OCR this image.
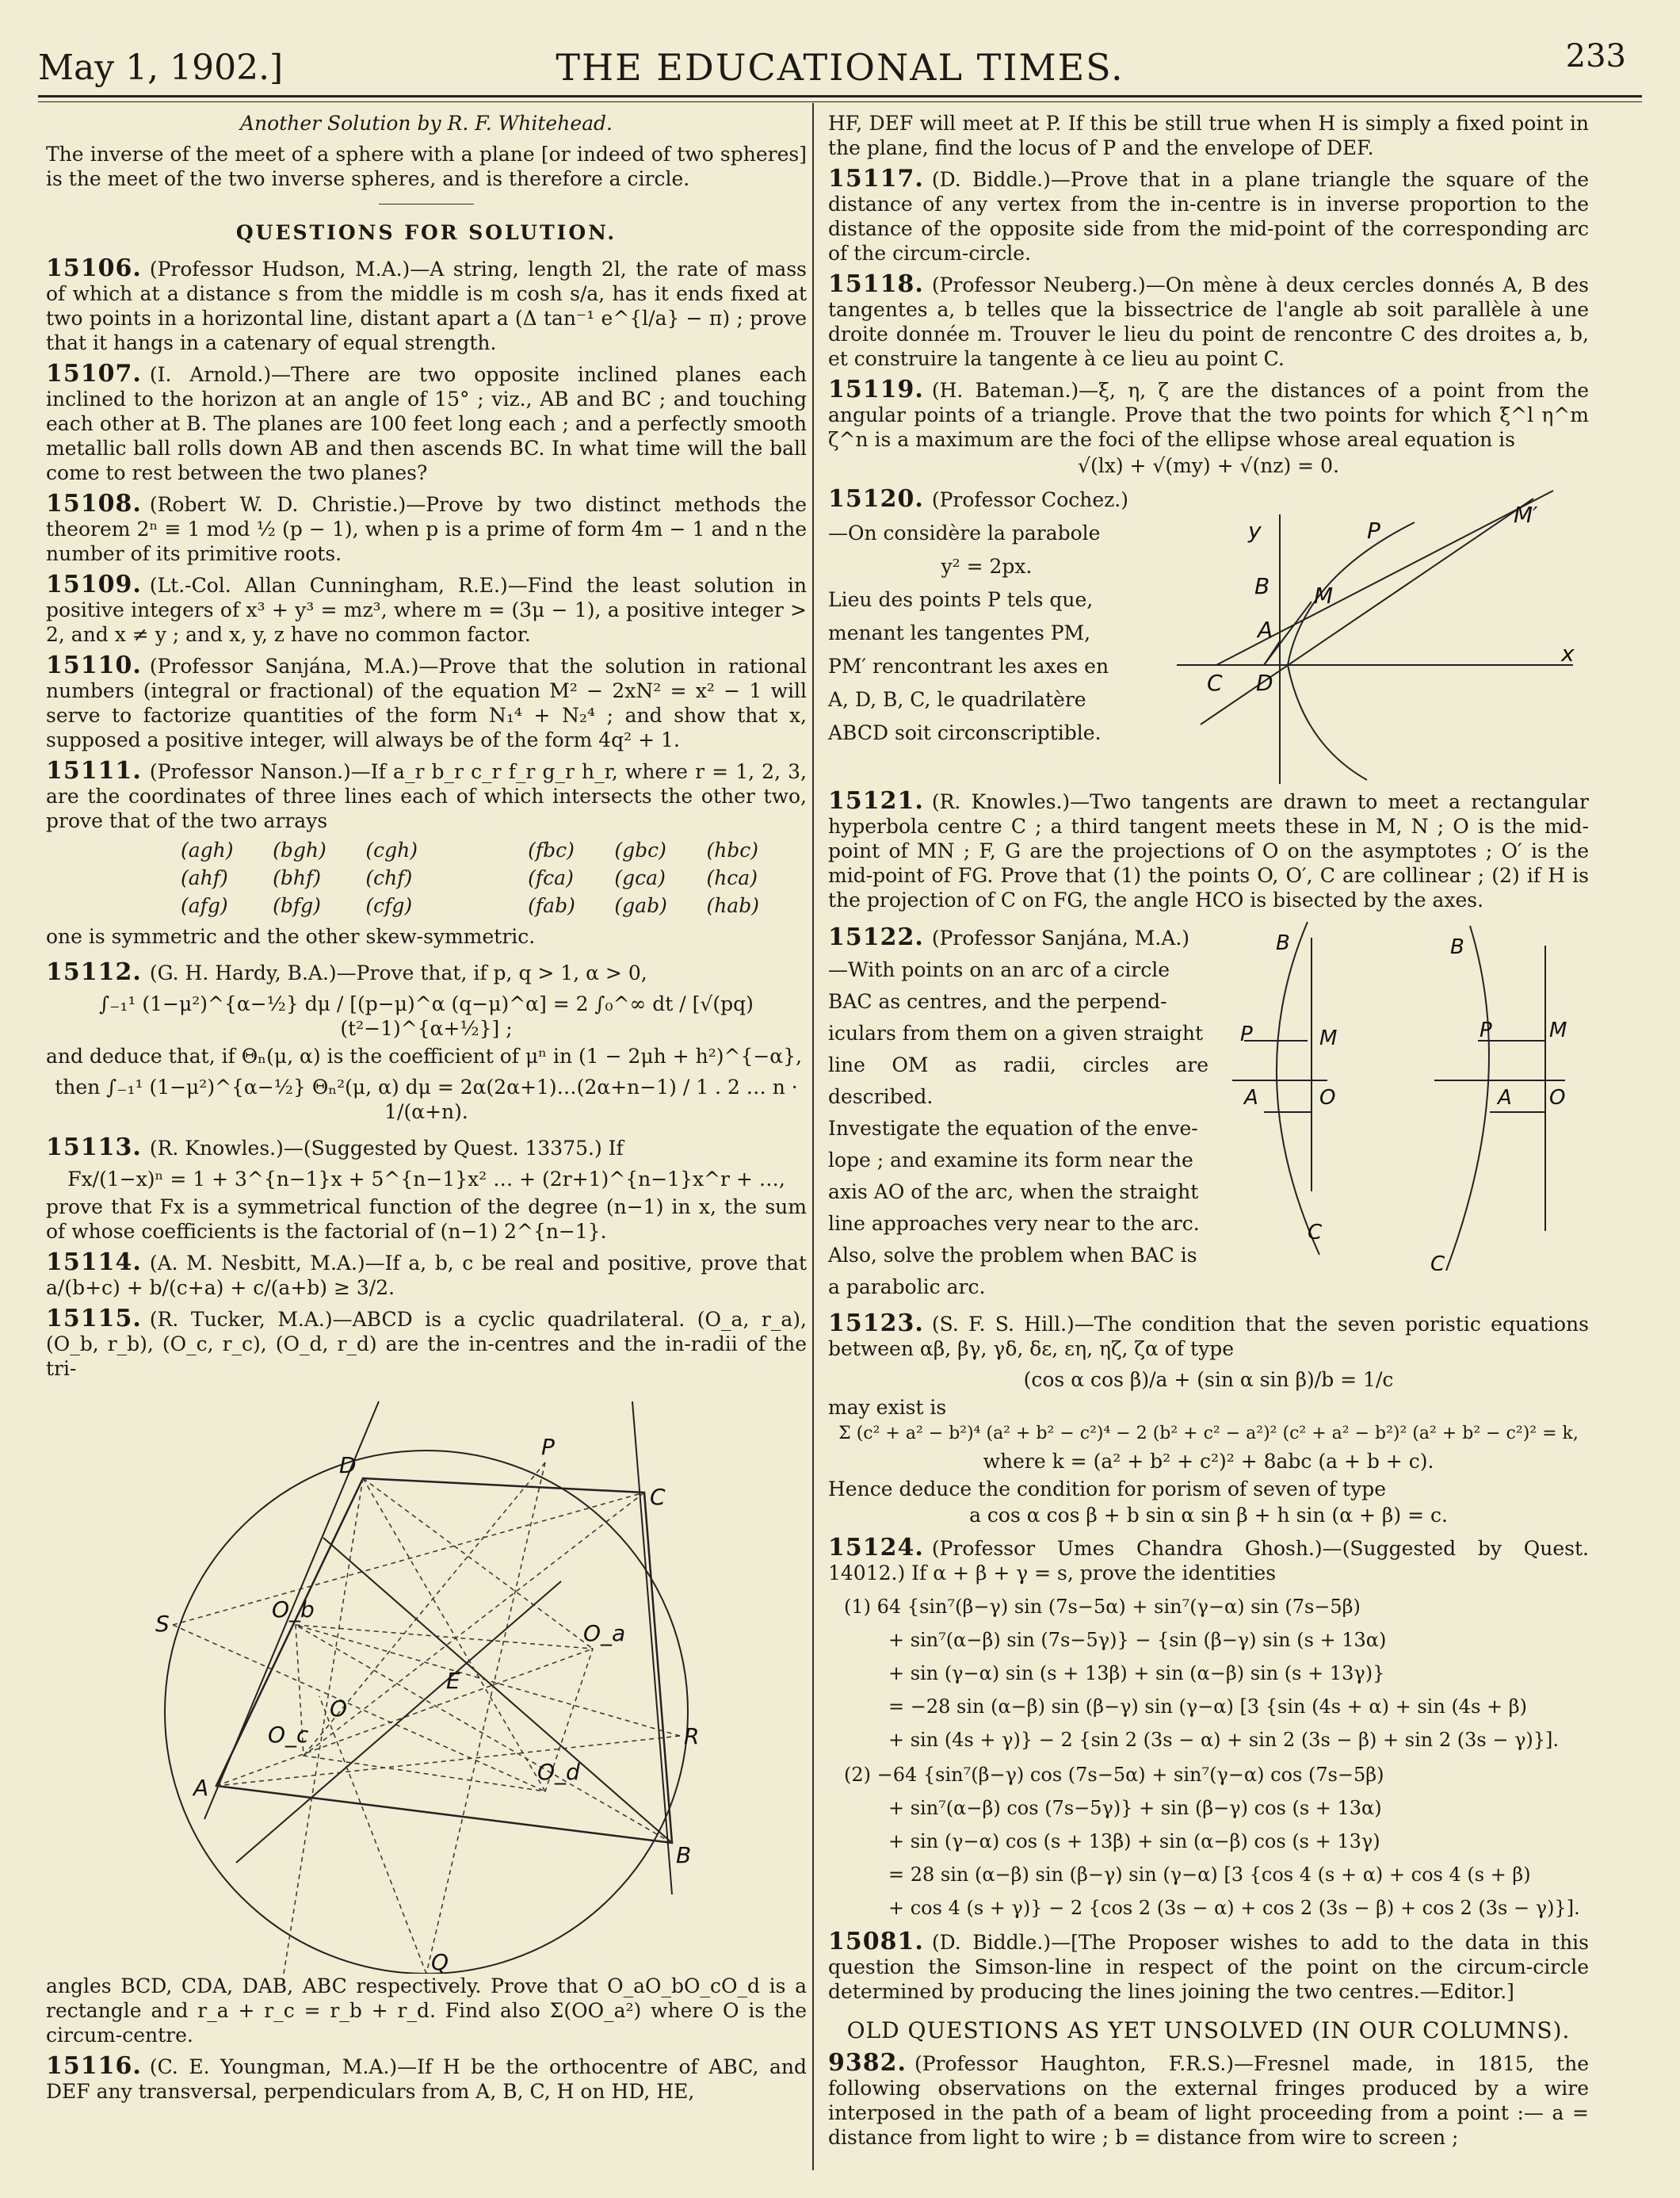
May 1, 1902.]	THE EDUCATIONAL TIMES.	233

Another Solution by R. F. Whitehead.

The inverse of the meet of a sphere with a plane [or indeed of two spheres] is the meet of the two inverse spheres, and is therefore a circle.

QUESTIONS FOR SOLUTION.

15106. (Professor Hudson, M.A.)—A string, length 2l, the rate of mass of which at a distance s from the middle is m cosh s/a, has it ends fixed at two points in a horizontal line, distant apart a (Δ tan⁻¹ e^{l/a} − π) ; prove that it hangs in a catenary of equal strength.

15107. (I. Arnold.)—There are two opposite inclined planes each inclined to the horizon at an angle of 15° ; viz., AB and BC ; and touching each other at B. The planes are 100 feet long each ; and a perfectly smooth metallic ball rolls down AB and then ascends BC. In what time will the ball come to rest between the two planes?

15108. (Robert W. D. Christie.)—Prove by two distinct methods the theorem 2ⁿ ≡ 1 mod ½ (p − 1), when p is a prime of form 4m − 1 and n the number of its primitive roots.

15109. (Lt.-Col. Allan Cunningham, R.E.)—Find the least solution in positive integers of x³ + y³ = mz³, where m = (3μ − 1), a positive integer > 2, and x ≠ y ; and x, y, z have no common factor.

15110. (Professor Sanjána, M.A.)—Prove that the solution in rational numbers (integral or fractional) of the equation M² − 2xN² = x² − 1 will serve to factorize quantities of the form N₁⁴ + N₂⁴ ; and show that x, supposed a positive integer, will always be of the form 4q² + 1.

15111. (Professor Nanson.)—If a_r b_r c_r f_r g_r h_r, where r = 1, 2, 3, are the coordinates of three lines each of which intersects the other two, prove that of the two arrays

(agh) (bgh) (cgh)	(fbc) (gbc) (hbc)
(ahf) (bhf) (chf)	(fca) (gca) (hca)
(afg) (bfg) (cfg)	(fab) (gab) (hab)

one is symmetric and the other skew-symmetric.

15112. (G. H. Hardy, B.A.)—Prove that, if p, q > 1, α > 0,

∫₋₁¹ (1−μ²)^{α−½} dμ / [(p−μ)^α (q−μ)^α] = 2 ∫₀^∞ dt / [√(pq) (t²−1)^{α+½}] ;

and deduce that, if Θₙ(μ, α) is the coefficient of μⁿ in (1 − 2μh + h²)^{−α},

then ∫₋₁¹ (1−μ²)^{α−½} Θₙ²(μ, α) dμ = 2α(2α+1)…(2α+n−1) / 1 . 2 … n · 1/(α+n).

15113. (R. Knowles.)—(Suggested by Quest. 13375.) If

Fx/(1−x)ⁿ = 1 + 3^{n−1}x + 5^{n−1}x² … + (2r+1)^{n−1}x^r + …,

prove that Fx is a symmetrical function of the degree (n−1) in x, the sum of whose coefficients is the factorial of (n−1) 2^{n−1}.

15114. (A. M. Nesbitt, M.A.)—If a, b, c be real and positive, prove that a/(b+c) + b/(c+a) + c/(a+b) ≥ 3/2.

15115. (R. Tucker, M.A.)—ABCD is a cyclic quadrilateral. (O_a, r_a), (O_b, r_b), (O_c, r_c), (O_d, r_d) are the in-centres and the in-radii of the tri-

D
P
C
O_b
O_a
S
E
R
O_c
O
O_d
A
B
Q

angles BCD, CDA, DAB, ABC respectively. Prove that O_aO_bO_cO_d is a rectangle and r_a + r_c = r_b + r_d. Find also Σ(OO_a²) where O is the circum-centre.

15116. (C. E. Youngman, M.A.)—If H be the orthocentre of ABC, and DEF any transversal, perpendiculars from A, B, C, H on HD, HE,

HF, DEF will meet at P. If this be still true when H is simply a fixed point in the plane, find the locus of P and the envelope of DEF.

15117. (D. Biddle.)—Prove that in a plane triangle the square of the distance of any vertex from the in-centre is in inverse proportion to the distance of the opposite side from the mid-point of the corresponding arc of the circum-circle.

15118. (Professor Neuberg.)—On mène à deux cercles donnés A, B des tangentes a, b telles que la bissectrice de l'angle ab soit parallèle à une droite donnée m. Trouver le lieu du point de rencontre C des droites a, b, et construire la tangente à ce lieu au point C.

15119. (H. Bateman.)—ξ, η, ζ are the distances of a point from the angular points of a triangle. Prove that the two points for which ξ^l η^m ζ^n is a maximum are the foci of the ellipse whose areal equation is

√(lx) + √(my) + √(nz) = 0.

15120. (Professor Cochez.)
—On considère la parabole
y² = 2px.
Lieu des points P tels que,
menant les tangentes PM,
PM′ rencontrant les axes en
A, D, B, C, le quadrilatère
ABCD soit circonscriptible.
y	P
M′
B M
A
C D
x

15121. (R. Knowles.)—Two tangents are drawn to meet a rectangular hyperbola centre C ; a third tangent meets these in M, N ; O is the mid-point of MN ; F, G are the projections of O on the asymptotes ; O′ is the mid-point of FG. Prove that (1) the points O, O′, C are collinear ; (2) if H is the projection of C on FG, the angle HCO is bisected by the axes.

15122. (Professor Sanjána, M.A.)
—With points on an arc of a circle
BAC as centres, and the perpend-
iculars from them on a given straight
line OM as radii, circles are described.
Investigate the equation of the enve-
lope ; and examine its form near the
axis AO of the arc, when the straight
line approaches very near to the arc.
Also, solve the problem when BAC is
a parabolic arc.
B
P	M
A	O
C
B
P	M
A O
C

15123. (S. F. S. Hill.)—The condition that the seven poristic equations between αβ, βγ, γδ, δε, εη, ηζ, ζα of type

(cos α cos β)/a + (sin α sin β)/b = 1/c

may exist is

Σ (c² + a² − b²)⁴ (a² + b² − c²)⁴ − 2 (b² + c² − a²)² (c² + a² − b²)² (a² + b² − c²)² = k,

where k = (a² + b² + c²)² + 8abc (a + b + c).

Hence deduce the condition for porism of seven of type

a cos α cos β + b sin α sin β + h sin (α + β) = c.

15124. (Professor Umes Chandra Ghosh.)—(Suggested by Quest. 14012.) If α + β + γ = s, prove the identities

(1) 64 {sin⁷(β−γ) sin (7s−5α) + sin⁷(γ−α) sin (7s−5β)
+ sin⁷(α−β) sin (7s−5γ)} − {sin (β−γ) sin (s + 13α)
+ sin (γ−α) sin (s + 13β) + sin (α−β) sin (s + 13γ)}
= −28 sin (α−β) sin (β−γ) sin (γ−α) [3 {sin (4s + α) + sin (4s + β)
+ sin (4s + γ)} − 2 {sin 2 (3s − α) + sin 2 (3s − β) + sin 2 (3s − γ)}].
(2) −64 {sin⁷(β−γ) cos (7s−5α) + sin⁷(γ−α) cos (7s−5β)
+ sin⁷(α−β) cos (7s−5γ)} + sin (β−γ) cos (s + 13α)
+ sin (γ−α) cos (s + 13β) + sin (α−β) cos (s + 13γ)
= 28 sin (α−β) sin (β−γ) sin (γ−α) [3 {cos 4 (s + α) + cos 4 (s + β)
+ cos 4 (s + γ)} − 2 {cos 2 (3s − α) + cos 2 (3s − β) + cos 2 (3s − γ)}].

15081. (D. Biddle.)—[The Proposer wishes to add to the data in this question the Simson-line in respect of the point on the circum-circle determined by producing the lines joining the two centres.—Editor.]

OLD QUESTIONS AS YET UNSOLVED (IN OUR COLUMNS).

9382. (Professor Haughton, F.R.S.)—Fresnel made, in 1815, the following observations on the external fringes produced by a wire interposed in the path of a beam of light proceeding from a point :— a = distance from light to wire ; b = distance from wire to screen ;
